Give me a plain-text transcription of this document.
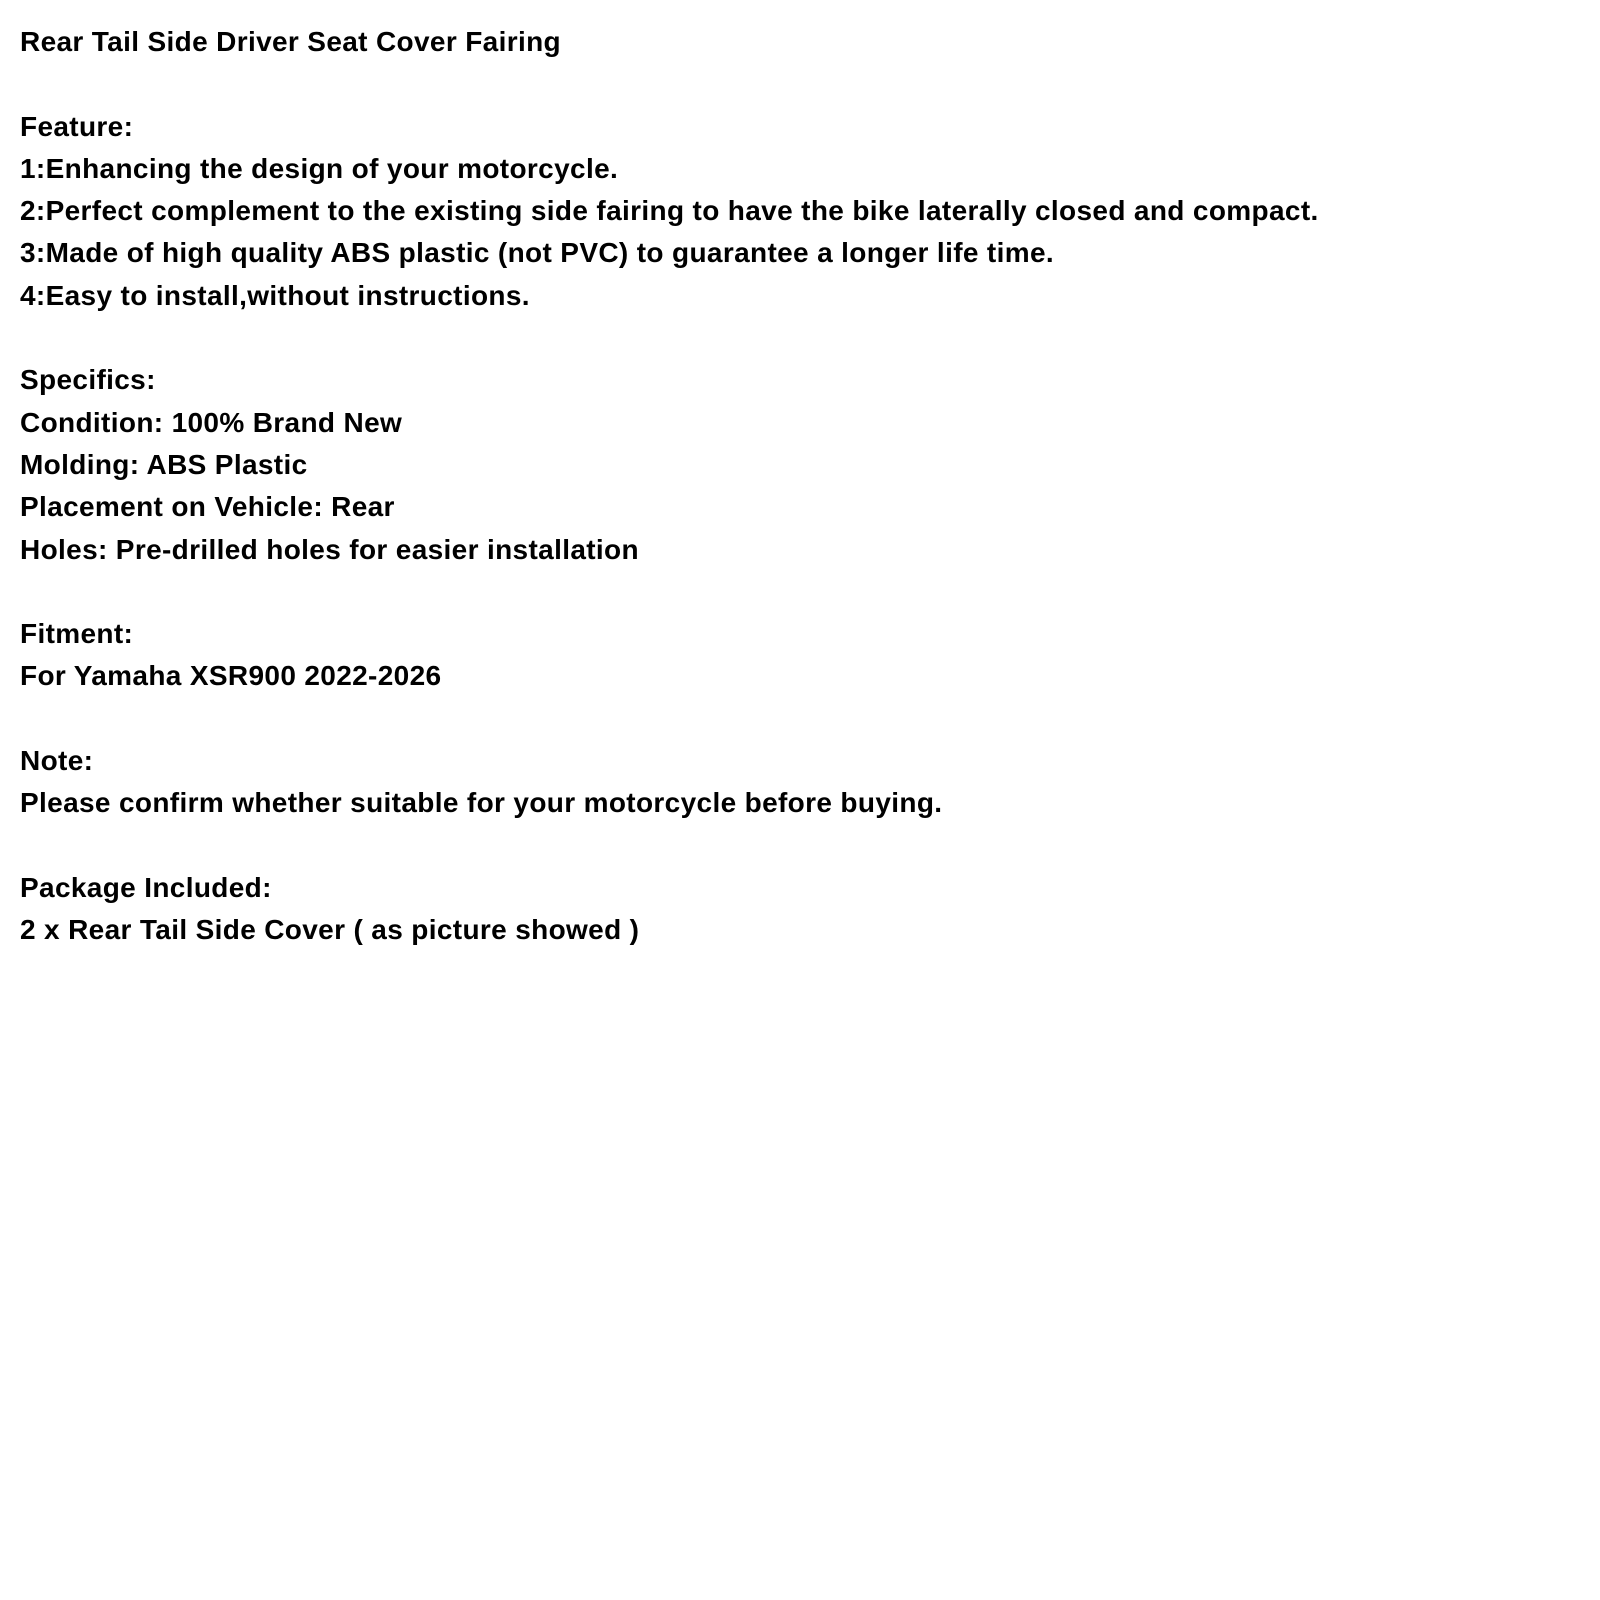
Rear Tail Side Driver Seat Cover Fairing
Feature:
1:Enhancing the design of your motorcycle.
2:Perfect complement to the existing side fairing to have the bike laterally closed and compact.
3:Made of high quality ABS plastic (not PVC) to guarantee a longer life time.
4:Easy to install,without instructions.
Specifics:
Condition: 100% Brand New
Molding: ABS Plastic
Placement on Vehicle: Rear
Holes: Pre-drilled holes for easier installation
Fitment:
For Yamaha XSR900 2022-2026
Note:
Please confirm whether suitable for your motorcycle before buying.
Package Included:
2 x Rear Tail Side Cover ( as picture showed )
